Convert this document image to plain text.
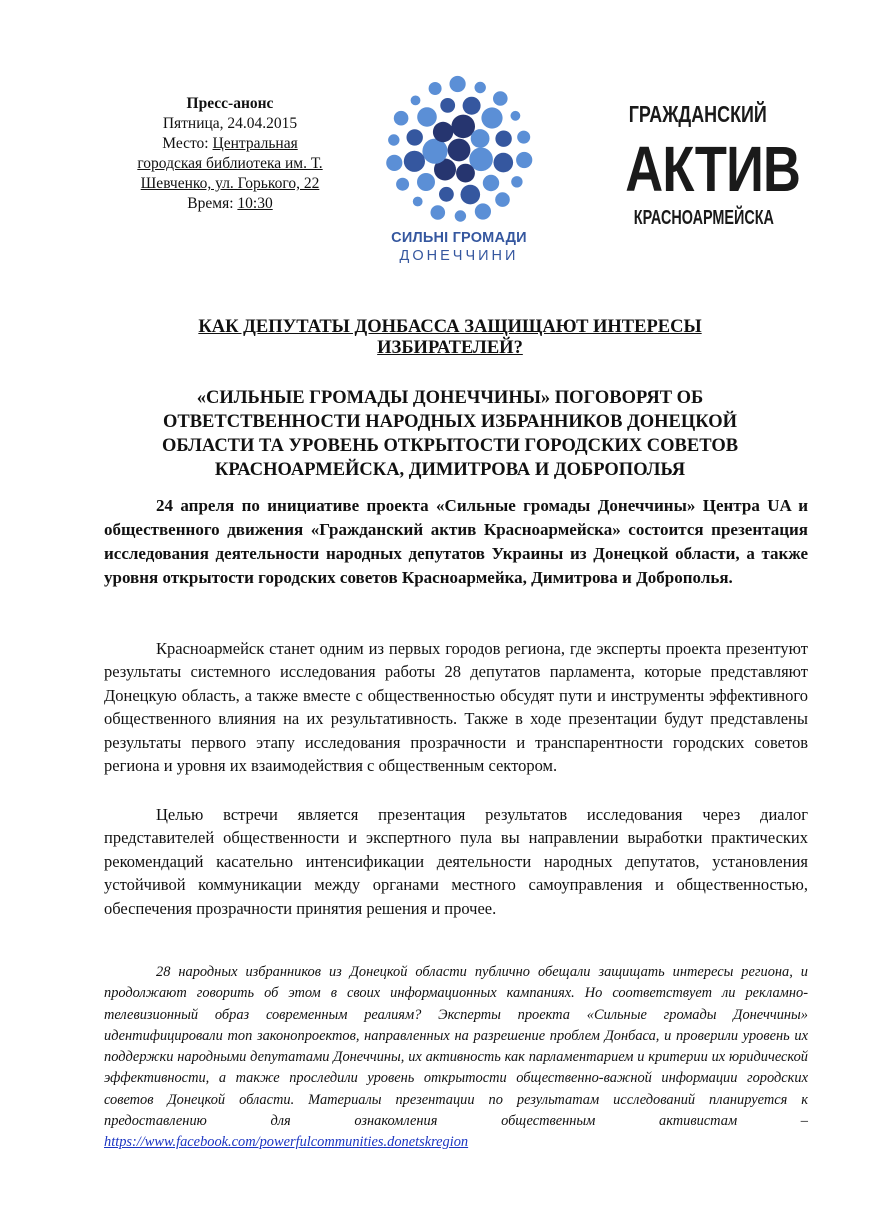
Пресс-анонс
Пятница, 24.04.2015
Место: Центральная
городская библиотека им. Т.
Шевченко, ул. Горького, 22
Время: 10:30
СИЛЬНІ ГРОМАДИ
ДОНЕЧЧИНИ
ГРАЖДАНСКИЙ
АКТИВ
КРАСНОАРМЕЙСКА
КАК ДЕПУТАТЫ ДОНБАССА ЗАЩИЩАЮТ ИНТЕРЕСЫ ИЗБИРАТЕЛЕЙ?
«СИЛЬНЫЕ ГРОМАДЫ ДОНЕЧЧИНЫ» ПОГОВОРЯТ ОБ ОТВЕТСТВЕННОСТИ НАРОДНЫХ ИЗБРАННИКОВ ДОНЕЦКОЙ ОБЛАСТИ ТА УРОВЕНЬ ОТКРЫТОСТИ ГОРОДСКИХ СОВЕТОВ КРАСНОАРМЕЙСКА, ДИМИТРОВА И ДОБРОПОЛЬЯ
24 апреля по инициативе проекта «Сильные громады Донеччины» Центра UA и общественного движения «Гражданский актив Красноармейска» состоится презентация исследования деятельности народных депутатов Украины из Донецкой области, а также уровня открытости городских советов Красноармейка, Димитрова и Доброполья.
Красноармейск станет одним из первых городов региона, где эксперты проекта презентуют результаты системного исследования работы 28 депутатов парламента, которые представляют Донецкую область, а также вместе с общественностью обсудят пути и инструменты эффективного общественного влияния на их результативность. Также в ходе презентации будут представлены результаты первого этапу исследования прозрачности и транспарентности городских советов региона и уровня их взаимодействия с общественным сектором.
Целью встречи является презентация результатов исследования через диалог представителей общественности и экспертного пула вы направлении выработки практических рекомендаций касательно интенсификации деятельности народных депутатов, установления устойчивой коммуникации между органами местного самоуправления и общественностью, обеспечения прозрачности принятия решения и прочее.
28 народных избранников из Донецкой области публично обещали защищать интересы региона, и продолжают говорить об этом в своих информационных кампаниях. Но соответствует ли рекламно-телевизионный образ современным реалиям? Эксперты проекта «Сильные громады Донеччины» идентифицировали топ законопроектов, направленных на разрешение проблем Донбаса, и проверили уровень их поддержки народными депутатами Донеччины, их активность как парламентарием и критерии их юридической эффективности, а также проследили уровень открытости общественно-важной информации городских советов Донецкой области. Материалы презентации по результатам исследований планируется к предоставлению для ознакомления общественным активистам – https://www.facebook.com/powerfulcommunities.donetskregion
